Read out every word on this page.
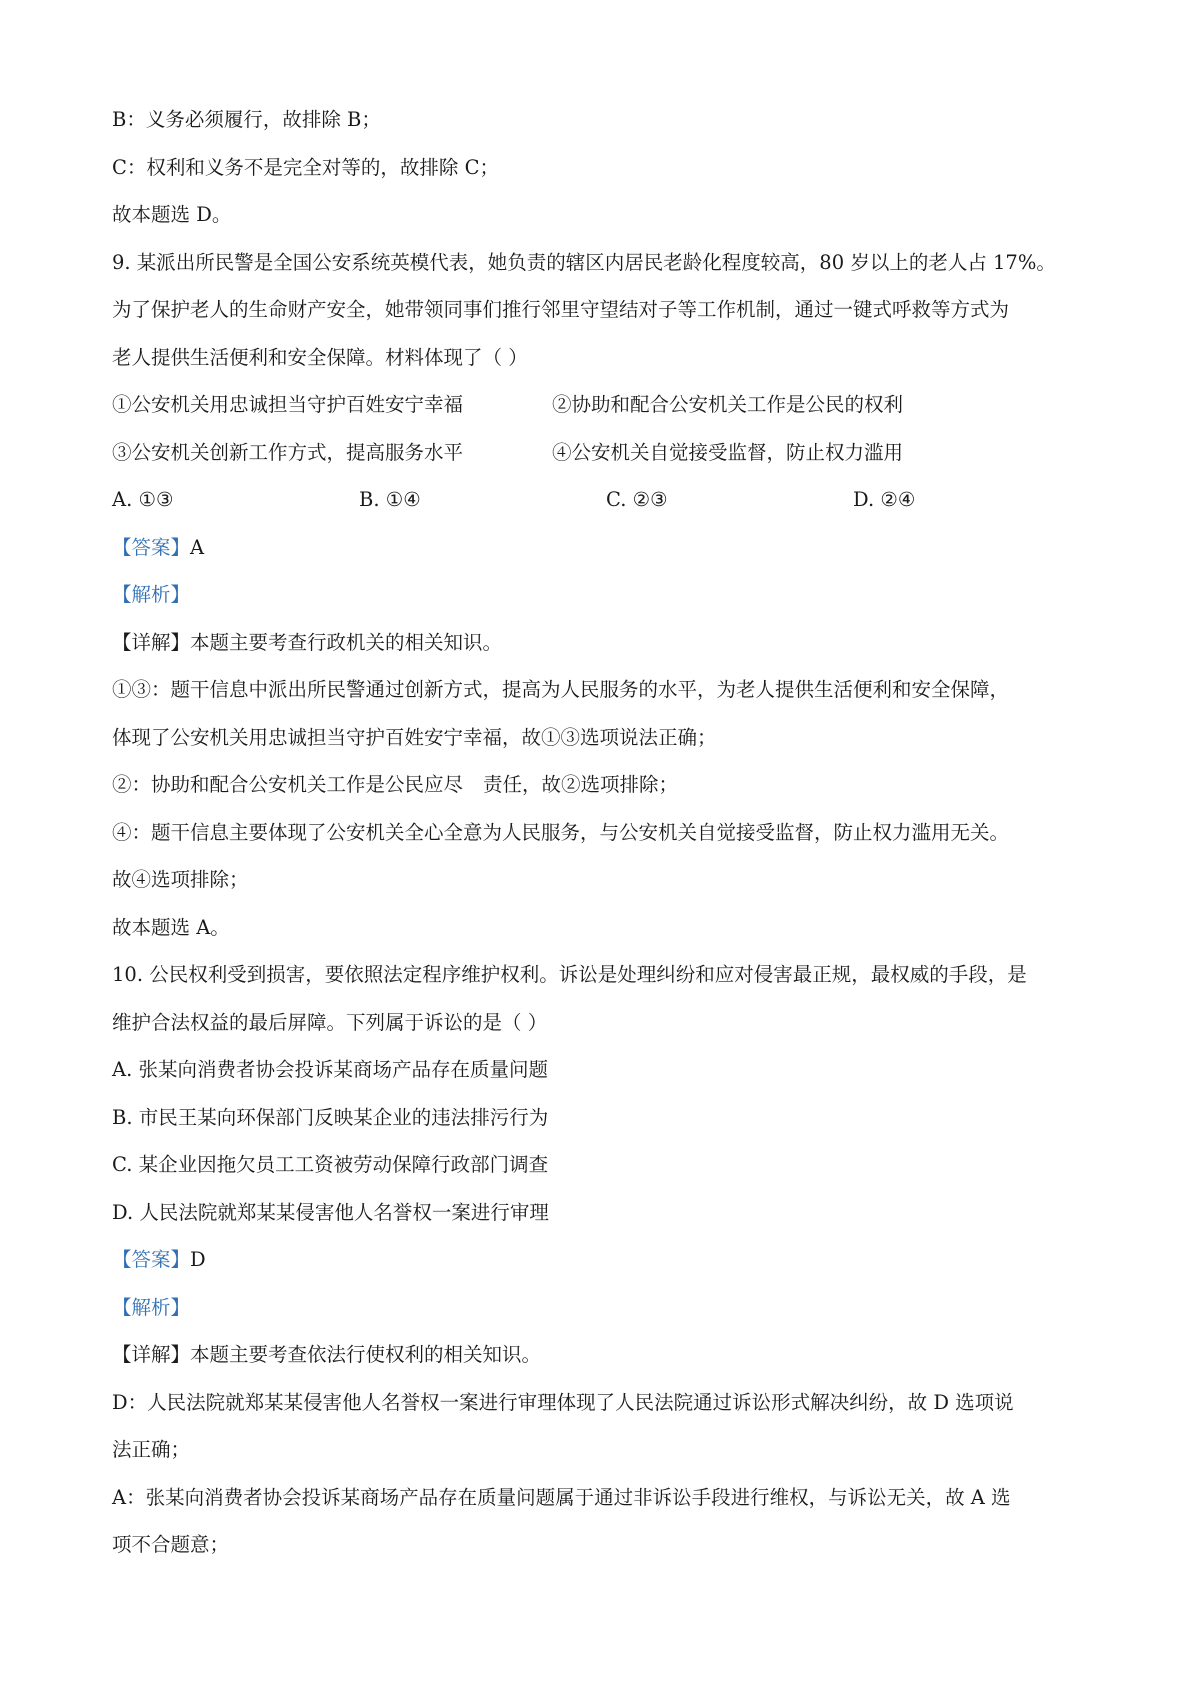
B：义务必须履行，故排除 B；
C：权利和义务不是完全对等的，故排除 C；
故本题选 D。
9. 某派出所民警是全国公安系统英模代表，她负责的辖区内居民老龄化程度较高，80 岁以上的老人占 17%。
为了保护老人的生命财产安全，她带领同事们推行邻里守望结对子等工作机制，通过一键式呼救等方式为
老人提供生活便利和安全保障。材料体现了（ ）
①公安机关用忠诚担当守护百姓安宁幸福	②协助和配合公安机关工作是公民的权利
③公安机关创新工作方式，提高服务水平	④公安机关自觉接受监督，防止权力滥用
A. ①③	B. ①④	C. ②③	D. ②④
【答案】A
【解析】
【详解】本题主要考查行政机关的相关知识。
①③：题干信息中派出所民警通过创新方式，提高为人民服务的水平，为老人提供生活便利和安全保障，
体现了公安机关用忠诚担当守护百姓安宁幸福，故①③选项说法正确；
②：协助和配合公安机关工作是公民应尽 责任，故②选项排除；
④：题干信息主要体现了公安机关全心全意为人民服务，与公安机关自觉接受监督，防止权力滥用无关。
故④选项排除；
故本题选 A。
10. 公民权利受到损害，要依照法定程序维护权利。诉讼是处理纠纷和应对侵害最正规，最权威的手段，是
维护合法权益的最后屏障。下列属于诉讼的是（ ）
A. 张某向消费者协会投诉某商场产品存在质量问题
B. 市民王某向环保部门反映某企业的违法排污行为
C. 某企业因拖欠员工工资被劳动保障行政部门调查
D. 人民法院就郑某某侵害他人名誉权一案进行审理
【答案】D
【解析】
【详解】本题主要考查依法行使权利的相关知识。
D：人民法院就郑某某侵害他人名誉权一案进行审理体现了人民法院通过诉讼形式解决纠纷，故 D 选项说
法正确；
A：张某向消费者协会投诉某商场产品存在质量问题属于通过非诉讼手段进行维权，与诉讼无关，故 A 选
项不合题意；
